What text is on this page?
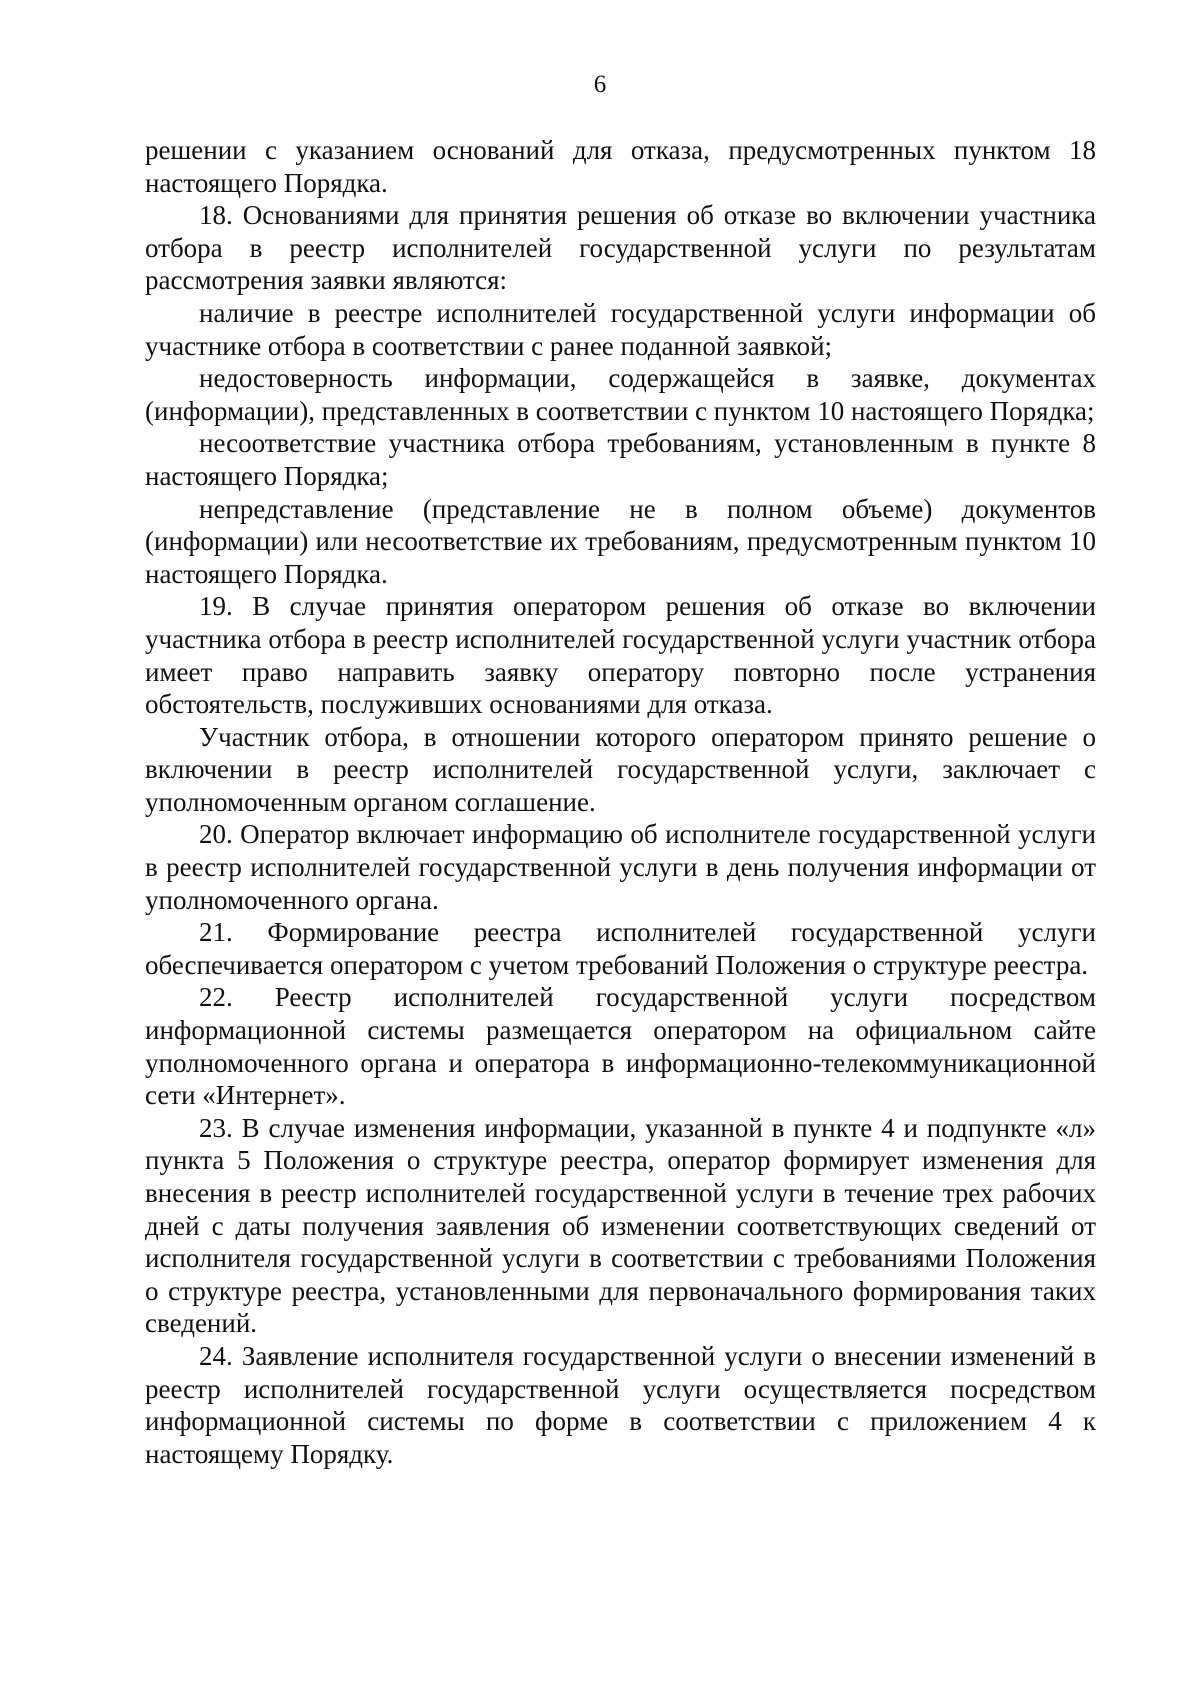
6

решении с указанием оснований для отказа, предусмотренных пунктом 18 настоящего Порядка.

18. Основаниями для принятия решения об отказе во включении участника отбора в реестр исполнителей государственной услуги по результатам рассмотрения заявки являются:

наличие в реестре исполнителей государственной услуги информации об участнике отбора в соответствии с ранее поданной заявкой;

недостоверность информации, содержащейся в заявке, документах (информации), представленных в соответствии с пунктом 10 настоящего Порядка;

несоответствие участника отбора требованиям, установленным в пункте 8 настоящего Порядка;

непредставление (представление не в полном объеме) документов (информации) или несоответствие их требованиям, предусмотренным пунктом 10 настоящего Порядка.

19. В случае принятия оператором решения об отказе во включении участника отбора в реестр исполнителей государственной услуги участник отбора имеет право направить заявку оператору повторно после устранения обстоятельств, послуживших основаниями для отказа.

Участник отбора, в отношении которого оператором принято решение о включении в реестр исполнителей государственной услуги, заключает с уполномоченным органом соглашение.

20. Оператор включает информацию об исполнителе государственной услуги в реестр исполнителей государственной услуги в день получения информации от уполномоченного органа.

21. Формирование реестра исполнителей государственной услуги обеспечивается оператором с учетом требований Положения о структуре реестра.

22. Реестр исполнителей государственной услуги посредством информационной системы размещается оператором на официальном сайте уполномоченного органа и оператора в информационно-телекоммуникационной сети «Интернет».

23. В случае изменения информации, указанной в пункте 4 и подпункте «л» пункта 5 Положения о структуре реестра, оператор формирует изменения для внесения в реестр исполнителей государственной услуги в течение трех рабочих дней с даты получения заявления об изменении соответствующих сведений от исполнителя государственной услуги в соответствии с требованиями Положения о структуре реестра, установленными для первоначального формирования таких сведений.

24. Заявление исполнителя государственной услуги о внесении изменений в реестр исполнителей государственной услуги осуществляется посредством информационной системы по форме в соответствии с приложением 4 к настоящему Порядку.
